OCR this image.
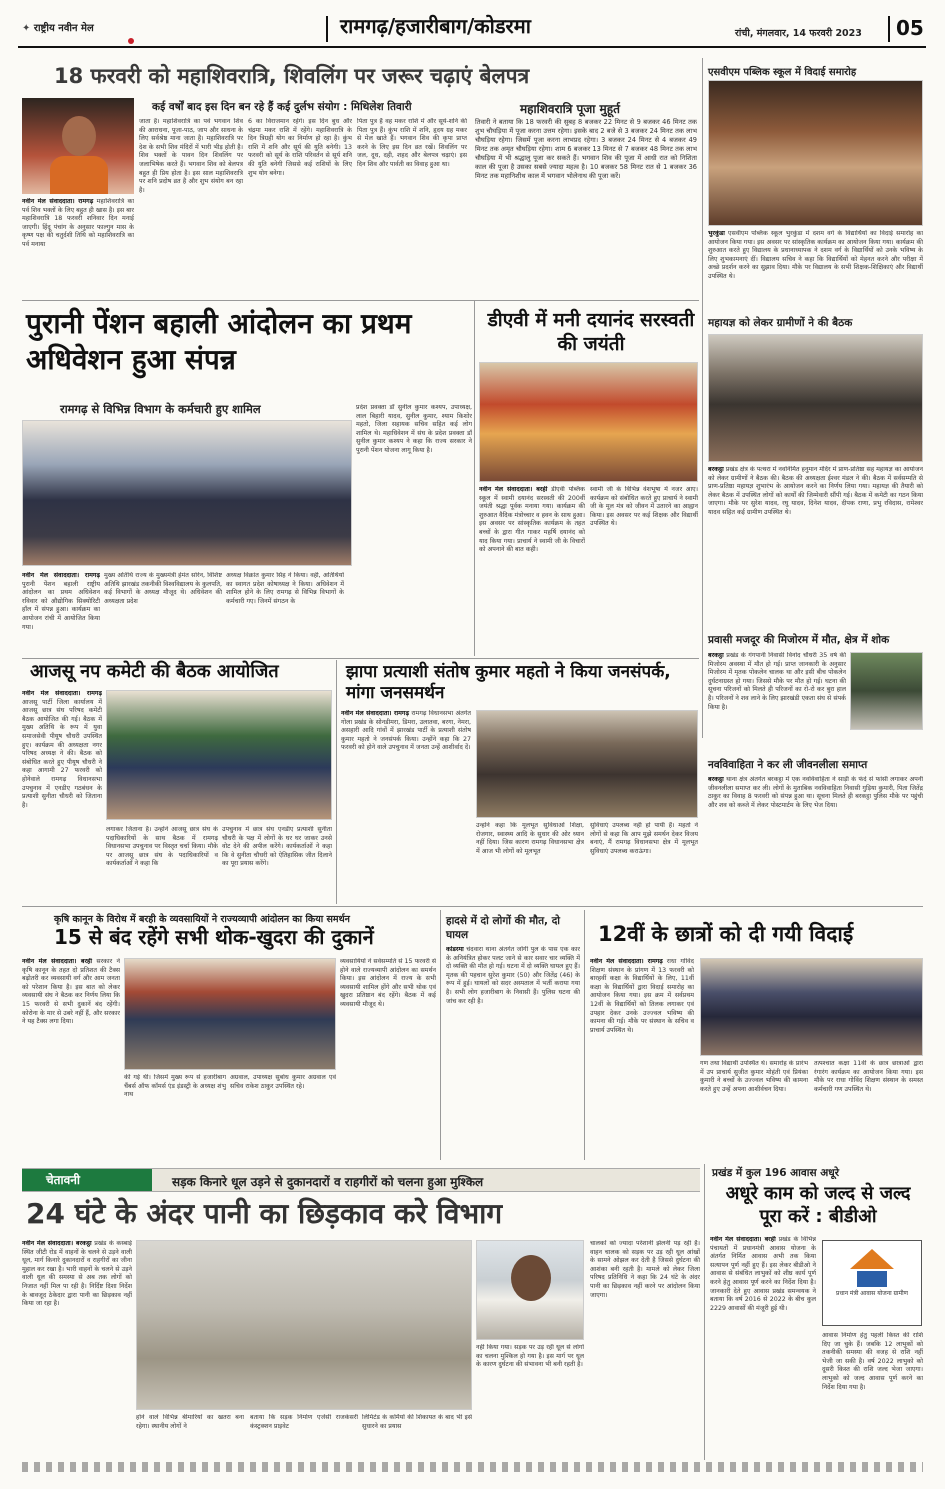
✦ राष्ट्रीय नवीन मेल	रामगढ़/हजारीबाग/कोडरमा	रांची, मंगलवार, 14 फरवरी 2023 05
18 फरवरी को महाशिवरात्रि, शिवलिंग पर जरूर चढ़ाएं बेलपत्र
कई वर्षों बाद इस दिन बन रहे हैं कई दुर्लभ संयोग : मिथिलेश तिवारी
नवीन मेल संवाददाता। रामगढ़ महाशिवरात्रि का पर्व शिव भक्तों के लिए बहुत ही खास है। इस बार महाशिवरात्रि 18 फरवरी शनिवार दिन मनाई जाएगी। हिंदू पंचांग के अनुसार फाल्गुन मास के कृष्ण पक्ष की चतुर्दशी तिथि को महाशिवरात्रि का पर्व मनाया
जाता है। महाशिवरात्रि का पर्व भगवान शिव की आराधना, पूजा-पाठ, जाप और साधना के लिए सर्वश्रेष्ठ माना जाता है। महाशिवरात्रि पर देश के सभी शिव मंदिरों में भारी भीड़ होती है। शिव भक्तों के पावन दिन शिवलिंग पर जलाभिषेक करते हैं। भगवान शिव को बेलपत्र बहुत ही प्रिय होता है। इस साल महाशिवरात्रि पर शनि प्रदोष व्रत है और शुभ संयोग बन रहा है।
6 का विराजमान रहेंगे। इस दिन बुध और चंद्रमा मकर राशि में रहेंगे। महाशिवरात्रि के दिन त्रिग्रही योग का निर्माण हो रहा है। कुंभ राशि में शनि और सूर्य की युति बनेगी। 13 फरवरी को सूर्य के राशि परिवर्तन से सूर्य शनि की युति बनेगी जिससे कई राशियों के लिए शुभ योग बनेगा।
पिता पुत्र हैं वह मकर राशि में और सूर्य-शनि की पिता पुत्र हैं। कुंभ राशि में शनि, हृदय ग्रह मकर से मेल खाते हैं। भगवान शिव की कृपा प्राप्त करने के लिए इस दिन व्रत रखें। शिवलिंग पर जल, दूध, दही, शहद और बेलपत्र चढ़ाएं। इस दिन शिव और पार्वती का विवाह हुआ था।
महाशिवरात्रि पूजा मुहूर्त
तिवारी ने बताया कि 18 फरवरी की सुबह 8 बजकर 22 मिनट से 9 बजकर 46 मिनट तक शुभ चौघड़िया में पूजा करना उत्तम रहेगा। इसके बाद 2 बजे से 3 बजकर 24 मिनट तक लाभ चौघड़िया रहेगा। जिसमें पूजा करना लाभप्रद रहेगा। 3 बजकर 24 मिनट से 4 बजकर 49 मिनट तक अमृत चौघड़िया रहेगा। शाम 6 बजकर 13 मिनट से 7 बजकर 48 मिनट तक लाभ चौघड़िया में भी श्रद्धालु पूजा कर सकते हैं। भगवान शिव की पूजा में आधी रात को निशिता काल की पूजा है उसका सबसे ज्यादा महत्व है। 10 बजकर 58 मिनट रात से 1 बजकर 36 मिनट तक महानिशीथ काल में भगवान भोलेनाथ की पूजा करें।
एसवीएम पब्लिक स्कूल में विदाई समारोह
भुरकुंडा एसवीएम पब्लिक स्कूल भुरकुंडा में दशम वर्ग के विद्यार्थियों का विदाई समारोह का आयोजन किया गया। इस अवसर पर सांस्कृतिक कार्यक्रम का आयोजन किया गया। कार्यक्रम की शुरुआत करते हुए विद्यालय के प्रधानाध्यापक ने दशम वर्ग के विद्यार्थियों को उनके भविष्य के लिए शुभकामनाएं दीं। विद्यालय सचिव ने कहा कि विद्यार्थियों को मेहनत करने और परीक्षा में अच्छे प्रदर्शन करने का सुझाव दिया। मौके पर विद्यालय के सभी शिक्षक-शिक्षिकाएं और विद्यार्थी उपस्थित थे।
महायज्ञ को लेकर ग्रामीणों ने की बैठक
बरकट्ठा प्रखंड क्षेत्र के पत्थरा में नवनिर्मित हनुमान मंदिर में प्राण-प्रतिष्ठा सह महायज्ञ का आयोजन को लेकर ग्रामीणों ने बैठक की। बैठक की अध्यक्षता ईश्वर मंडल ने की। बैठक में सर्वसम्मति से प्राण-प्रतिष्ठा महायज्ञ शुभारंभ के आयोजन करने का निर्णय लिया गया। महायज्ञ की तैयारी को लेकर बैठक में उपस्थित लोगों को कार्यों की जिम्मेवारी सौंपी गई। बैठक में कमेटी का गठन किया जाएगा। मौके पर सुरेश यादव, रघु यादव, दिनेश यादव, दीपक राणा, प्रभु रविदास, रामेश्वर यादव सहित कई ग्रामीण उपस्थित थे।
प्रवासी मजदूर की मिजोरम में मौत, क्षेत्र में शोक
बरकट्ठा प्रखंड के गंगपानी निवासी विनोद चौधरी 35 वर्ष की मिजोरम अवस्था में मौत हो गई। प्राप्त जानकारी के अनुसार मिजोरम में मृतक पोकलेन चालक था और इसी बीच पोकलेन दुर्घटनाग्रस्त हो गया। जिससे मौके पर मौत हो गई। घटना की सूचना परिजनों को मिलते ही परिजनों का रो-रो कर बुरा हाल है। परिजनों ने शव लाने के लिए झारखंडी एकता संघ से संपर्क किया है।
नवविवाहिता ने कर ली जीवनलीला समाप्त
बरकट्ठा थाना क्षेत्र अंतर्गत बरकट्ठा में एक नवविवाहिता ने साड़ी के फंदे से फांसी लगाकर अपनी जीवनलीला समाप्त कर ली। लोगों के मुताबिक नवविवाहिता निवासी गुड़िया कुमारी, पिता जितेंद्र ठाकुर का विवाह 8 फरवरी को संपन्न हुआ था। सूचना मिलते ही बरकट्ठा पुलिस मौके पर पहुंची और शव को कब्जे में लेकर पोस्टमार्टम के लिए भेज दिया।
पुरानी पेंशन बहाली आंदोलन का प्रथम अधिवेशन हुआ संपन्न
रामगढ़ से विभिन्न विभाग के कर्मचारी हुए शामिल
नवीन मेल संवाददाता। रामगढ़ पुरानी पेंशन बहाली राष्ट्रीय आंदोलन का प्रथम अधिवेशन रविवार को औद्योगिक सिक्योरिटी हॉल में संपन्न हुआ। कार्यक्रम का आयोजन रांची में आयोजित किया गया।
मुख्य अतिथि राज्य के मुख्यमंत्री हेमंत सोरेन, विशिष्ट अतिथि झारखंड तकनीकी विश्वविद्यालय के कुलपति, कई विभागों के अध्यक्ष मौजूद थे। अधिवेशन की अध्यक्षता प्रदेश
अध्यक्ष विक्रांत कुमार सिंह ने किया। वहीं, अतिथियों का स्वागत प्रदेश कोषाध्यक्ष ने किया। अधिवेशन में शामिल होने के लिए रामगढ़ से विभिन्न विभागों के कर्मचारी गए। जिनमें संगठन के
प्रदेश प्रवक्ता डॉ सुनील कुमार कश्यप, उपाध्यक्ष, लाल बिहारी यादव, सुनील कुमार, श्याम किशोर महतो, जिला सहायक सचिव सहित कई लोग शामिल थे। महाधिवेशन में संघ के प्रदेश प्रवक्ता डॉ सुनील कुमार कश्यप ने कहा कि राज्य सरकार ने पुरानी पेंशन योजना लागू किया है।
डीएवी में मनी दयानंद सरस्वती की जयंती
नवीन मेल संवाददाता। बरही डीएवी पब्लिक स्कूल में स्वामी दयानंद सरस्वती की 200वीं जयंती श्रद्धा पूर्वक मनाया गया। कार्यक्रम की शुरुआत वैदिक मंत्रोच्चार व हवन के साथ हुआ। इस अवसर पर सांस्कृतिक कार्यक्रम के तहत बच्चों के द्वारा गीत गाकर महर्षि दयानंद को याद किया गया। प्राचार्य ने स्वामी जी के विचारों को अपनाने की बात कही।
स्वामी जी के विभिन्न वेशभूषा में नजर आए। कार्यक्रम को संबोधित करते हुए प्राचार्य ने स्वामी जी के मूल मंत्र को जीवन में उतारने का आह्वान किया। इस अवसर पर कई शिक्षक और विद्यार्थी उपस्थित थे।
आजसू नप कमेटी की बैठक आयोजित
नवीन मेल संवाददाता। रामगढ़ आजसू पार्टी जिला कार्यालय में आजसू छात्र संघ परिषद कमेटी बैठक आयोजित की गई। बैठक में मुख्य अतिथि के रूप में युवा समाजसेवी पीयूष चौधरी उपस्थित हुए। कार्यक्रम की अध्यक्षता नगर परिषद अध्यक्ष ने की। बैठक को संबोधित करते हुए पीयूष चौधरी ने कहा आगामी 27 फरवरी को होनेवाले रामगढ़ विधानसभा उपचुनाव में एनडीए गठबंधन के प्रत्याशी सुनीता चौधरी को जिताना है।
लगाकर जिताना है। उन्होंने आजसू छात्र संघ के पदाधिकारियों के साथ बैठक में रामगढ़ विधानसभा उपचुनाव पर विस्तृत चर्चा किया। मौके पर आजसू छात्र संघ के पदाधिकारियों व कार्यकर्ताओं ने कहा कि
उपचुनाव में छात्र संघ एनडीए प्रत्याशी सुनीता चौधरी के पक्ष में लोगों के घर घर जाकर उनसे वोट देने की अपील करेंगे। कार्यकर्ताओं ने कहा कि वे सुनीता चौधरी को ऐतिहासिक जीत दिलाने का पूरा प्रयास करेंगे।
झापा प्रत्याशी संतोष कुमार महतो ने किया जनसंपर्क, मांगा जनसमर्थन
नवीन मेल संवाददाता। रामगढ़ रामगढ़ विधानसभा अंतर्गत गोला प्रखंड के सोनडीमरा, डिमरा, उलातवा, बरगा, नेमरा, असहारी आदि गांवों में झारखंड पार्टी के प्रत्याशी संतोष कुमार महतो ने जनसंपर्क किया। उन्होंने कहा कि 27 फरवरी को होने वाले उपचुनाव में जनता उन्हें आशीर्वाद दें।
उन्होंने कहा कि मूलभूत सुविधाओं शिक्षा, रोजगार, स्वास्थ्य आदि के सुधार की ओर ध्यान नहीं दिया। जिस कारण रामगढ़ विधानसभा क्षेत्र में आज भी लोगों को मूलभूत
सुविधाएं उपलब्ध नहीं हो पायी हैं। महतो ने लोगों से कहा कि आप मुझे समर्थन देकर विजय बनाएं, मैं रामगढ़ विधानसभा क्षेत्र में मूलभूत सुविधाएं उपलब्ध कराऊंगा।
कृषि कानून के विरोध में बरही के व्यवसायियों ने राज्यव्यापी आंदोलन का किया समर्थन
15 से बंद रहेंगे सभी थोक-खुदरा की दुकानें
नवीन मेल संवाददाता। बरही सरकार ने कृषि कानून के तहत दो प्रतिशत की टैक्स बढ़ोतरी कर व्यवसायी वर्ग और आम जनता को परेशान किया है। इस बात को लेकर व्यवसायी संघ ने बैठक कर निर्णय लिया कि 15 फरवरी से सभी दुकानें बंद रहेंगी। कोरोना के मार से उबरे नहीं हैं, और सरकार ने यह टैक्स लगा दिया।
की गई थी। जिसमें मुख्य रूप से हजारीबाग चैंबर्स ऑफ कॉमर्स एंड इंडस्ट्री के अध्यक्ष शंभु नाथ
अग्रवाल, उपाध्यक्ष सुबोध कुमार अग्रवाल एवं सचिव राकेश ठाकुर उपस्थित रहे।
व्यवसायियों ने सर्वसम्मति से 15 फरवरी से होने वाले राज्यव्यापी आंदोलन का समर्थन किया। इस आंदोलन में राज्य के सभी व्यवसायी शामिल होंगे और सभी थोक एवं खुदरा प्रतिष्ठान बंद रहेंगे। बैठक में कई व्यवसायी मौजूद थे।
हादसे में दो लोगों की मौत, दो घायल
कोडरमा चंदवारा थाना अंतर्गत जोंगी पुल के पास एक कार के अनियंत्रित होकर पलट जाने से कार सवार चार व्यक्ति में दो व्यक्ति की मौत हो गई। घटना में दो व्यक्ति घायल हुए हैं। मृतक की पहचान सुरेश कुमार (50) और जितेंद्र (46) के रूप में हुई। घायलों को सदर अस्पताल में भर्ती कराया गया है। सभी लोग हजारीबाग के निवासी हैं। पुलिस घटना की जांच कर रही है।
12वीं के छात्रों को दी गयी विदाई
नवीन मेल संवाददाता। रामगढ़ राधा गोविंद शिक्षण संस्थान के प्रांगण में 13 फरवरी को बारहवीं कक्षा के विद्यार्थियों के लिए, 11वीं कक्षा के विद्यार्थियों द्वारा विदाई समारोह का आयोजन किया गया। इस क्रम में सर्वप्रथम 12वीं के विद्यार्थियों को तिलक लगाकर एवं उपहार देकर उनके उज्ज्वल भविष्य की कामना की गई। मौके पर संस्थान के सचिव व प्राचार्य उपस्थित थे।
गण तथा विद्यार्थी उपस्थित थे। समारोह के प्रारंभ में उप प्राचार्य सुजीत कुमार मोहंती एवं प्रियंका कुमारी ने बच्चों के उज्ज्वल भविष्य की कामना करते हुए उन्हें अपना आशीर्वचन दिया।
तत्पश्चात कक्षा 11वीं के छात्र छात्राओं द्वारा रंगारंग कार्यक्रम का आयोजन किया गया। इस मौके पर राधा गोविंद शिक्षण संस्थान के समस्त कर्मचारी गण उपस्थित थे।
चेतावनी	सड़क किनारे धूल उड़ने से दुकानदारों व राहगीरों को चलना हुआ मुश्किल
24 घंटे के अंदर पानी का छिड़काव करे विभाग
नवीन मेल संवाददाता। बरकट्ठा प्रखंड के कस्बाई स्थित जीटी रोड में वाहनों के चलने से उड़ने वाली धूल, मार्ग किनारे दुकानदारों व राहगीरों का जीना मुहाल कर रखा है। भारी वाहनों के चलने से उड़ने वाली धूल की समस्या से अब तक लोगों को निजात नहीं मिल पा रही है। निर्दिष्ट दिशा निर्देश के बावजूद ठेकेदार द्वारा पानी का छिड़काव नहीं किया जा रहा है।
होने वाले विभिन्न बीमारियों का खतरा बना रहेगा। स्थानीय लोगों ने
बताया कि सड़क निर्माण एजेंसी राजकेसरी कंस्ट्रक्शन प्राइवेट
लिमिटेड के कर्मियों की शिकायत के बाद भी इसे सुधारने का प्रयास
नहीं किया गया। सड़क पर उड़ रही धूल से लोगों का चलना मुश्किल हो गया है। इस मार्ग पर धूल के कारण दुर्घटना की संभावना भी बनी रहती है।
चालकों को ज्यादा परेशानी झेलनी पड़ रही है। वाहन चालक को सड़क पर उड़ रही धूल आंखों के सामने ओझल कर देती है जिससे दुर्घटना की आशंका बनी रहती है। मामले को लेकर जिला परिषद प्रतिनिधि ने कहा कि 24 घंटे के अंदर पानी का छिड़काव नहीं करने पर आंदोलन किया जाएगा।
प्रखंड में कुल 196 आवास अधूरे
अधूरे काम को जल्द से जल्द पूरा करें : बीडीओ
नवीन मेल संवाददाता। बरही प्रखंड के विभिन्न पंचायतों में प्रधानमंत्री आवास योजना के अंतर्गत निर्मित आवास अभी तक किया सत्यापन पूर्ण नहीं हुए हैं। इस लेकर बीडीओ ने आवास से संबंधित लाभुकों को शीघ्र कार्य पूर्ण करने हेतु आवास पूर्ण करने का निर्देश दिया है। जानकारी देते हुए आवास प्रखंड समन्वयक ने बताया कि वर्ष 2016 से 2022 के बीच कुल 2229 आवासों की मंजूरी हुई थी।
प्रधान मंत्री आवास योजना ग्रामीण
आवास निर्माण हेतु पहली किस्त की राशि दिए जा चुके हैं। जबकि 12 लाभुकों को तकनीकी समस्या की वजह से राशि नहीं भेजी जा सकी है। वर्ष 2022 लाभुको को दूसरी किस्त की राशि जल्द भेजा जाएगा। लाभुको को जल्द आवास पूर्ण करने का निर्देश दिया गया है।
